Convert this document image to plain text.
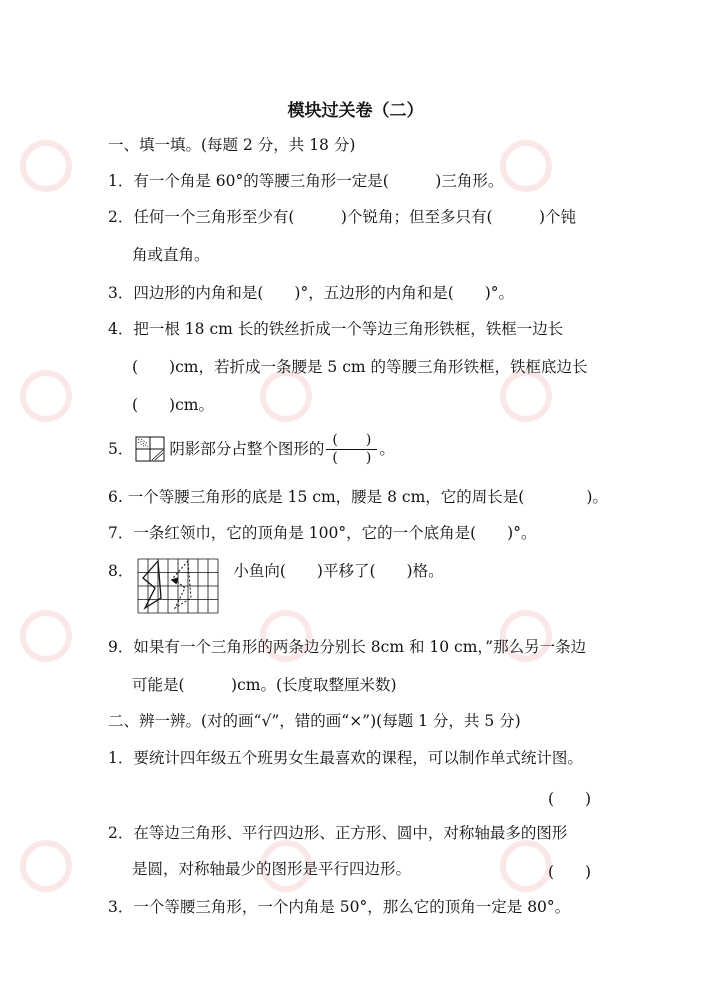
模块过关卷（二）
一、填一填。(每题 2 分，共 18 分)
1．有一个角是 60°的等腰三角形一定是(　　　)三角形。
2．任何一个三角形至少有(　　　)个锐角；但至多只有(　　　)个钝
角或直角。
3．四边形的内角和是(　　)°，五边形的内角和是(　　)°。
4．把一根 18 cm 长的铁丝折成一个等边三角形铁框，铁框一边长
(　　)cm，若折成一条腰是 5 cm 的等腰三角形铁框，铁框底边长
(　　)cm。
5． 阴影部分占整个图形的 $\frac{( )}{( )}$ 。
6. 一个等腰三角形的底是 15 cm，腰是 8 cm，它的周长是(　　　　)。
7．一条红领巾，它的顶角是 100°，它的一个底角是(　　)°。
8．	小鱼向(　　)平移了(　　)格。
9．如果有一个三角形的两条边分别长 8cm 和 10 cm，”那么另一条边
可能是(　　　)cm。(长度取整厘米数)
二、辨一辨。(对的画“√”，错的画“×”)(每题 1 分，共 5 分)
1．要统计四年级五个班男女生最喜欢的课程，可以制作单式统计图。
(　　)
2．在等边三角形、平行四边形、正方形、圆中，对称轴最多的图形
是圆，对称轴最少的图形是平行四边形。	(　　)
3．一个等腰三角形，一个内角是 50°，那么它的顶角一定是 80°。
